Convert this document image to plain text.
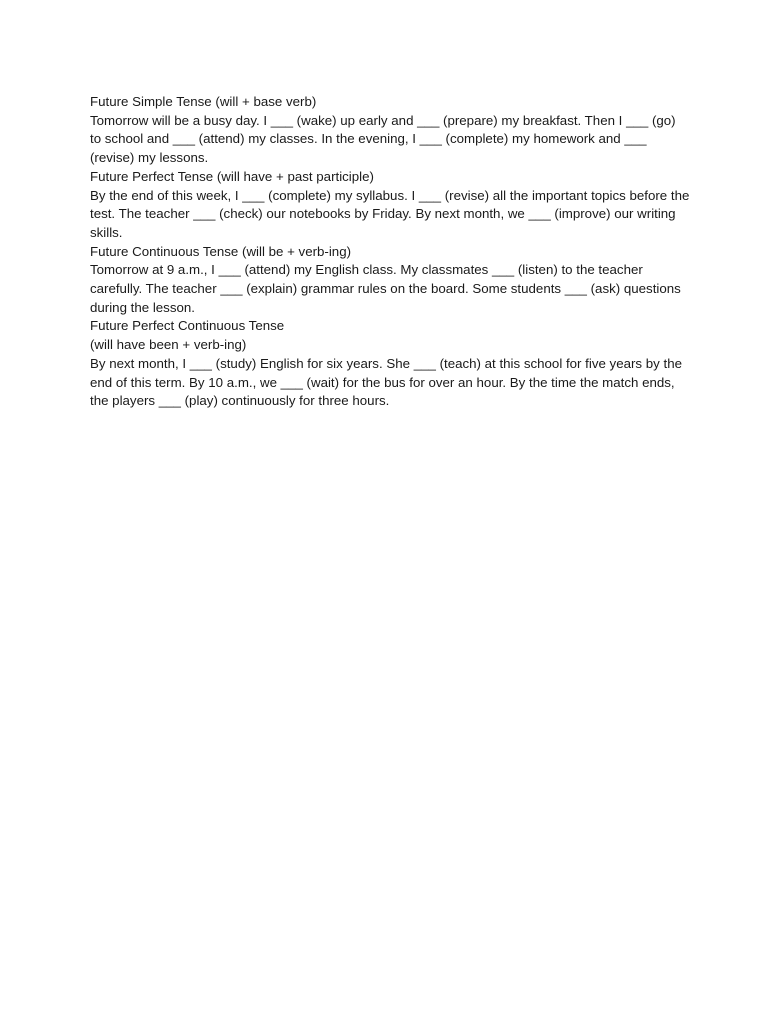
Future Simple Tense (will + base verb)

Tomorrow will be a busy day. I ___ (wake) up early and ___ (prepare) my breakfast. Then I ___ (go) to school and ___ (attend) my classes. In the evening, I ___ (complete) my homework and ___ (revise) my lessons.

Future Perfect Tense (will have + past participle)

By the end of this week, I ___ (complete) my syllabus. I ___ (revise) all the important topics before the test. The teacher ___ (check) our notebooks by Friday. By next month, we ___ (improve) our writing skills.

Future Continuous Tense (will be + verb-ing)

Tomorrow at 9 a.m., I ___ (attend) my English class. My classmates ___ (listen) to the teacher carefully. The teacher ___ (explain) grammar rules on the board. Some students ___ (ask) questions during the lesson.

Future Perfect Continuous Tense

(will have been + verb-ing)

By next month, I ___ (study) English for six years. She ___ (teach) at this school for five years by the end of this term. By 10 a.m., we ___ (wait) for the bus for over an hour. By the time the match ends, the players ___ (play) continuously for three hours.
